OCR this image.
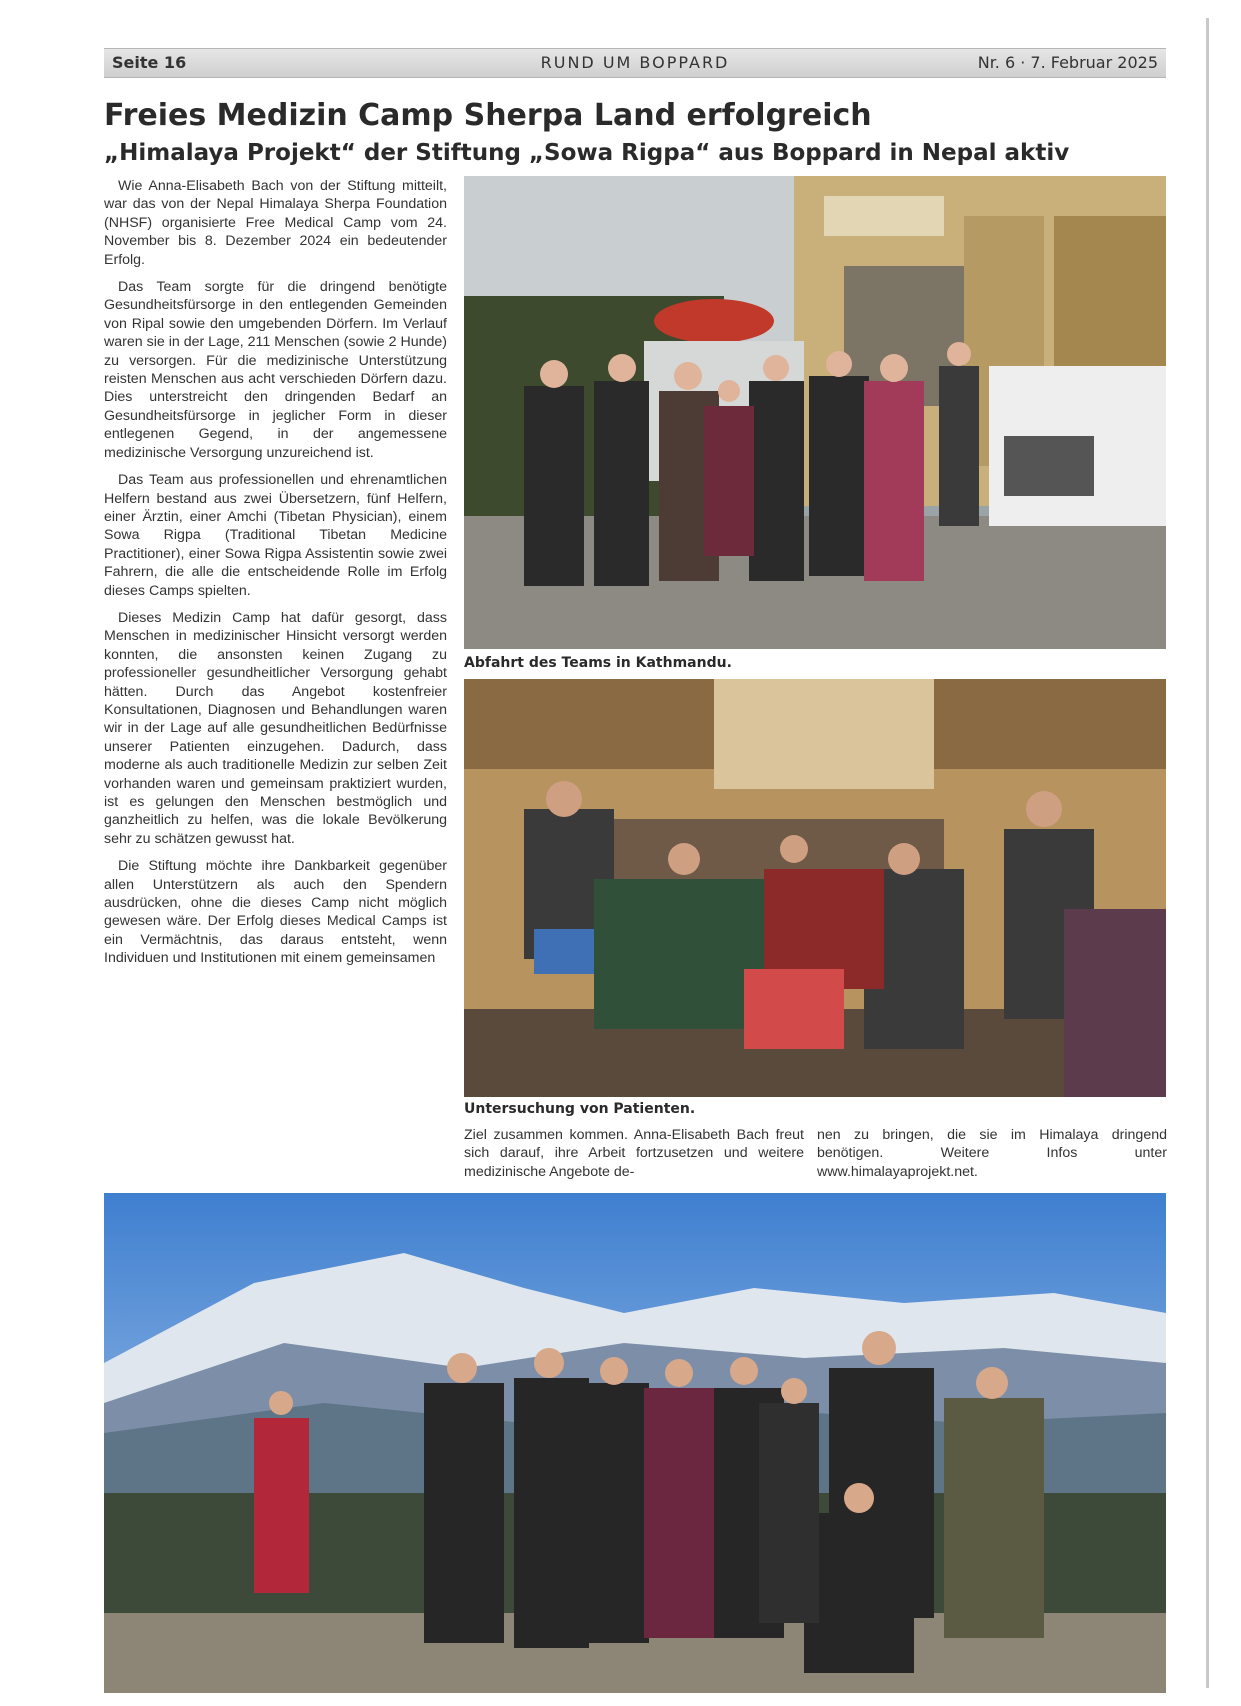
RUND UM BOPPARD
Seite 16	Nr. 6 · 7. Februar 2025
Freies Medizin Camp Sherpa Land erfolgreich
„Himalaya Projekt“ der Stiftung „Sowa Rigpa“ aus Boppard in Nepal aktiv

Wie Anna-Elisabeth Bach von der Stiftung mitteilt, war das von der Nepal Himalaya Sherpa Foundation (NHSF) organisierte Free Medical Camp vom 24. November bis 8. Dezember 2024 ein bedeutender Erfolg.

Das Team sorgte für die dringend benötigte Gesundheitsfürsorge in den entlegenden Gemeinden von Ripal sowie den umgebenden Dörfern. Im Verlauf waren sie in der Lage, 211 Menschen (sowie 2 Hunde) zu versorgen. Für die medizinische Unterstützung reisten Menschen aus acht verschieden Dörfern dazu. Dies unterstreicht den dringenden Bedarf an Gesundheitsfürsorge in jeglicher Form in dieser entlegenen Gegend, in der angemessene medizinische Versorgung unzureichend ist.

Das Team aus professionellen und ehrenamtlichen Helfern bestand aus zwei Übersetzern, fünf Helfern, einer Ärztin, einer Amchi (Tibetan Physician), einem Sowa Rigpa (Traditional Tibetan Medicine Practitioner), einer Sowa Rigpa Assistentin sowie zwei Fahrern, die alle die entscheidende Rolle im Erfolg dieses Camps spielten.

Dieses Medizin Camp hat dafür gesorgt, dass Menschen in medizinischer Hinsicht versorgt werden konnten, die ansonsten keinen Zugang zu professioneller gesundheitlicher Versorgung gehabt hätten. Durch das Angebot kostenfreier Konsultationen, Diagnosen und Behandlungen waren wir in der Lage auf alle gesundheitlichen Bedürfnisse unserer Patienten einzugehen. Dadurch, dass moderne als auch traditionelle Medizin zur selben Zeit vorhanden waren und gemeinsam praktiziert wurden, ist es gelungen den Menschen bestmöglich und ganzheitlich zu helfen, was die lokale Bevölkerung sehr zu schätzen gewusst hat.

Die Stiftung möchte ihre Dankbarkeit gegenüber allen Unterstützern als auch den Spendern ausdrücken, ohne die dieses Camp nicht möglich gewesen wäre. Der Erfolg dieses Medical Camps ist ein Vermächtnis, das daraus entsteht, wenn Individuen und Institutionen mit einem gemeinsamen

Abfahrt des Teams in Kathmandu.
Untersuchung von Patienten.

Ziel zusammen kommen. Anna-Elisabeth Bach freut sich darauf, ihre Arbeit fortzusetzen und weitere medizinische Angebote de-

nen zu bringen, die sie im Himalaya dringend benötigen. Weitere Infos unter www.himalayaprojekt.net.
